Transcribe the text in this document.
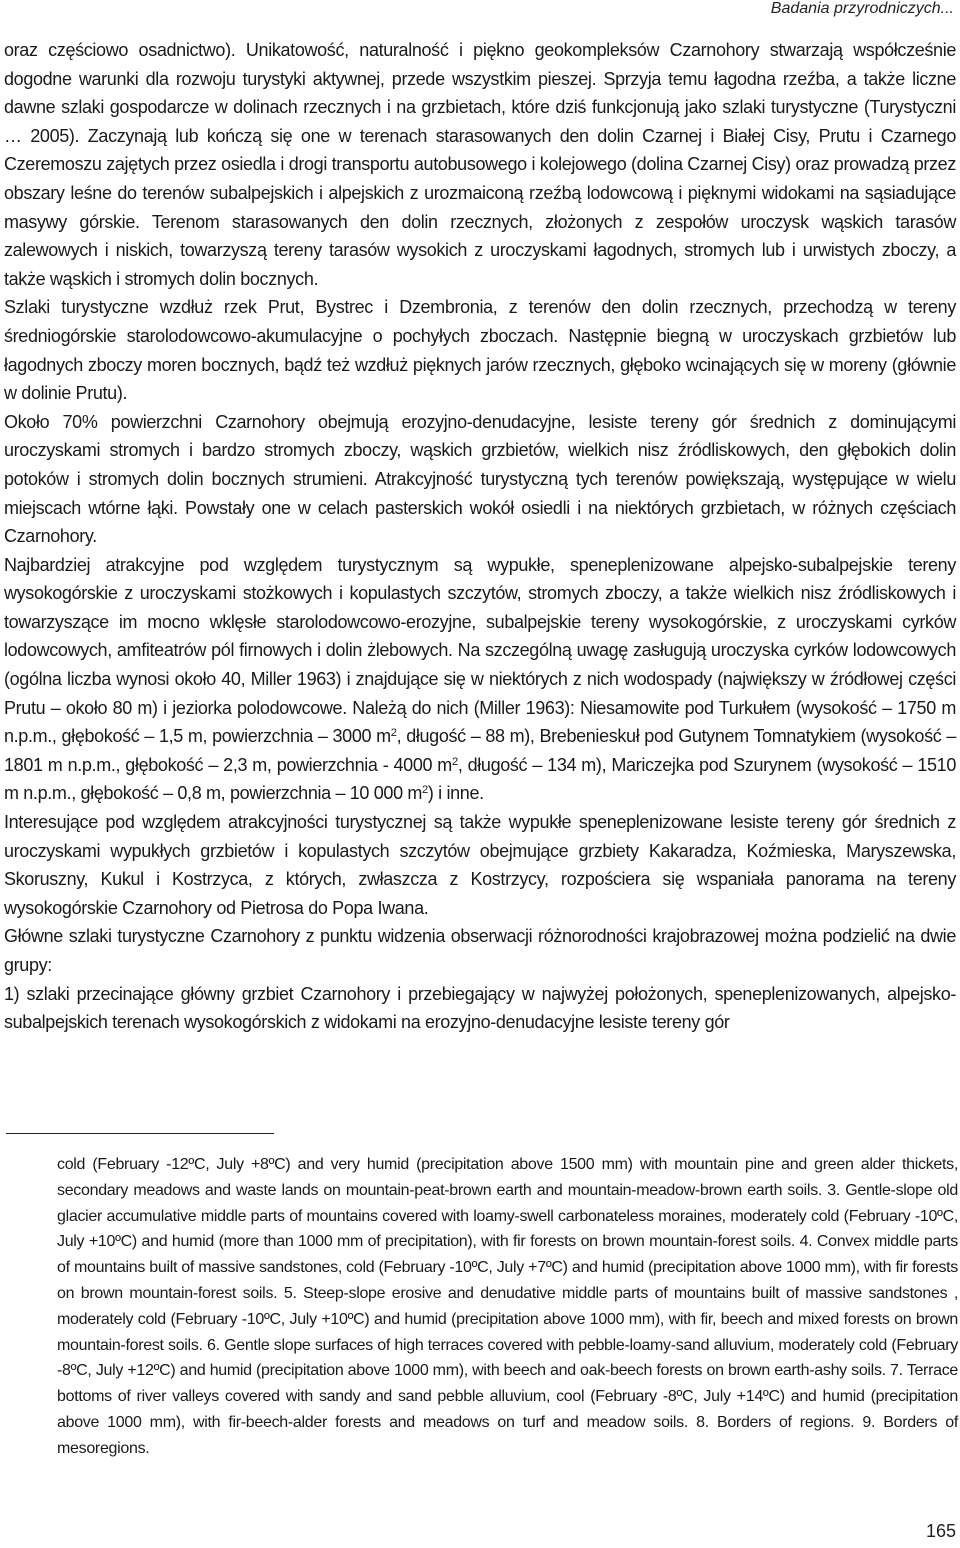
Badania przyrodniczych...

oraz częściowo osadnictwo). Unikatowość, naturalność i piękno geokompleksów Czarnohory stwarzają współcześnie dogodne warunki dla rozwoju turystyki aktywnej, przede wszystkim pieszej. Sprzyja temu łagodna rzeźba, a także liczne dawne szlaki gospodarcze w dolinach rzecznych i na grzbietach, które dziś funkcjonują jako szlaki turystyczne (Turystyczni … 2005). Zaczynają lub kończą się one w terenach starasowanych den dolin Czarnej i Białej Cisy, Prutu i Czarnego Czeremoszu zajętych przez osiedla i drogi transportu autobusowego i kolejowego (dolina Czarnej Cisy) oraz prowadzą przez obszary leśne do terenów subalpejskich i alpejskich z urozmaiconą rzeźbą lodowcową i pięknymi widokami na sąsiadujące masywy górskie. Terenom starasowanych den dolin rzecznych, złożonych z zespołów uroczysk wąskich tarasów zalewowych i niskich, towarzyszą tereny tarasów wysokich z uroczyskami łagodnych, stromych lub i urwistych zboczy, a także wąskich i stromych dolin bocznych.

Szlaki turystyczne wzdłuż rzek Prut, Bystrec i Dzembronia, z terenów den dolin rzecznych, przechodzą w tereny średniogórskie starolodowcowo-akumulacyjne o pochyłych zboczach. Następnie biegną w uroczyskach grzbietów lub łagodnych zboczy moren bocznych, bądź też wzdłuż pięknych jarów rzecznych, głęboko wcinających się w moreny (głównie w dolinie Prutu).

Około 70% powierzchni Czarnohory obejmują erozyjno-denudacyjne, lesiste tereny gór średnich z dominującymi uroczyskami stromych i bardzo stromych zboczy, wąskich grzbietów, wielkich nisz źródliskowych, den głębokich dolin potoków i stromych dolin bocznych strumieni. Atrakcyjność turystyczną tych terenów powiększają, występujące w wielu miejscach wtórne łąki. Powstały one w celach pasterskich wokół osiedli i na niektórych grzbietach, w różnych częściach Czarnohory.

Najbardziej atrakcyjne pod względem turystycznym są wypukłe, speneplenizowane alpejsko-subalpejskie tereny wysokogórskie z uroczyskami stożkowych i kopulastych szczytów, stromych zboczy, a także wielkich nisz źródliskowych i towarzyszące im mocno wklęsłe starolodowcowo-erozyjne, subalpejskie tereny wysokogórskie, z uroczyskami cyrków lodowcowych, amfiteatrów pól firnowych i dolin żlebowych. Na szczególną uwagę zasługują uroczyska cyrków lodowcowych (ogólna liczba wynosi około 40, Miller 1963) i znajdujące się w niektórych z nich wodospady (największy w źródłowej części Prutu – około 80 m) i jeziorka polodowcowe. Należą do nich (Miller 1963): Niesamowite pod Turkułem (wysokość – 1750 m n.p.m., głębokość – 1,5 m, powierzchnia – 3000 $m^2$, długość – 88 m), Brebenieskuł pod Gutynem Tomnatykiem (wysokość – 1801 m n.p.m., głębokość – 2,3 m, powierzchnia - 4000 $m^2$, długość – 134 m), Mariczejka pod Szurynem (wysokość – 1510 m n.p.m., głębokość – 0,8 m, powierzchnia – 10 000 $m^2$) i inne.

Interesujące pod względem atrakcyjności turystycznej są także wypukłe speneplenizowane lesiste tereny gór średnich z uroczyskami wypukłych grzbietów i kopulastych szczytów obejmujące grzbiety Kakaradza, Koźmieska, Maryszewska, Skoruszny, Kukul i Kostrzyca, z których, zwłaszcza z Kostrzycy, rozpościera się wspaniała panorama na tereny wysokogórskie Czarnohory od Pietrosa do Popa Iwana.

Główne szlaki turystyczne Czarnohory z punktu widzenia obserwacji różnorodności krajobrazowej można podzielić na dwie grupy:

1) szlaki przecinające główny grzbiet Czarnohory i przebiegający w najwyżej położonych, speneplenizowanych, alpejsko-subalpejskich terenach wysokogórskich z widokami na erozyjno-denudacyjne lesiste tereny gór

cold (February -12ºC, July +8ºC) and very humid (precipitation above 1500 mm) with mountain pine and green alder thickets, secondary meadows and waste lands on mountain-peat-brown earth and mountain-meadow-brown earth soils. 3. Gentle-slope old glacier accumulative middle parts of mountains covered with loamy-swell carbonateless moraines, moderately cold (February -10ºC, July +10ºC) and humid (more than 1000 mm of precipitation), with fir forests on brown mountain-forest soils. 4. Convex middle parts of mountains built of massive sandstones, cold (February -10ºC, July +7ºC) and humid (precipitation above 1000 mm), with fir forests on brown mountain-forest soils. 5. Steep-slope erosive and denudative middle parts of mountains built of massive sandstones , moderately cold (February -10ºC, July +10ºC) and humid (precipitation above 1000 mm), with fir, beech and mixed forests on brown mountain-forest soils. 6. Gentle slope surfaces of high terraces covered with pebble-loamy-sand alluvium, moderately cold (February -8ºC, July +12ºC) and humid (precipitation above 1000 mm), with beech and oak-beech forests on brown earth-ashy soils. 7. Terrace bottoms of river valleys covered with sandy and sand pebble alluvium, cool (February -8ºC, July +14ºC) and humid (precipitation above 1000 mm), with fir-beech-alder forests and meadows on turf and meadow soils. 8. Borders of regions. 9. Borders of mesoregions.

165
